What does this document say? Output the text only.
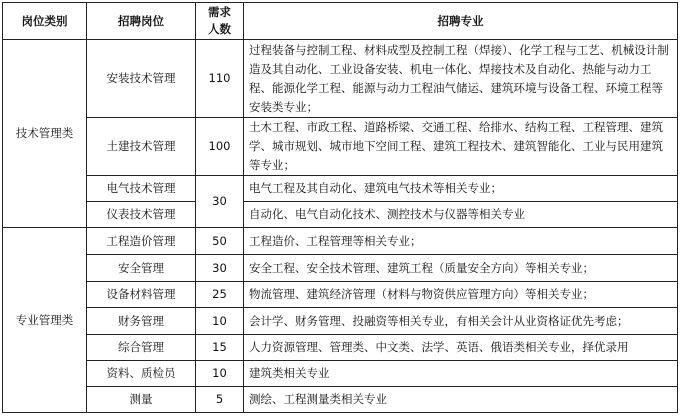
岗位类别	招聘岗位	需求人数	招聘专业
技术管理类	安装技术管理	110	过程装备与控制工程、材料成型及控制工程（焊接）、化学工程与工艺、机械设计制造及其自动化、工业设备安装、机电一体化、焊接技术及自动化、热能与动力工程、能源化学工程、能源与动力工程油气储运、建筑环境与设备工程、环境工程等安装类专业；
	土建技术管理	100	土木工程、市政工程、道路桥梁、交通工程、给排水、结构工程、工程管理、建筑学、城市规划、城市地下空间工程、建筑工程技术、建筑智能化、工业与民用建筑等专业；
	电气技术管理	30	电气工程及其自动化、建筑电气技术等相关专业；
	仪表技术管理		自动化、电气自动化技术、测控技术与仪器等相关专业
专业管理类	工程造价管理	50	工程造价、工程管理等相关专业；
	安全管理	30	安全工程、安全技术管理、建筑工程（质量安全方向）等相关专业；
	设备材料管理	25	物流管理、建筑经济管理（材料与物资供应管理方向）等相关专业；
	财务管理	10	会计学、财务管理、投融资等相关专业，有相关会计从业资格证优先考虑；
	综合管理	15	人力资源管理、管理类、中文类、法学、英语、俄语类相关专业，择优录用
	资料、质检员	10	建筑类相关专业
	测量	5	测绘、工程测量类相关专业
